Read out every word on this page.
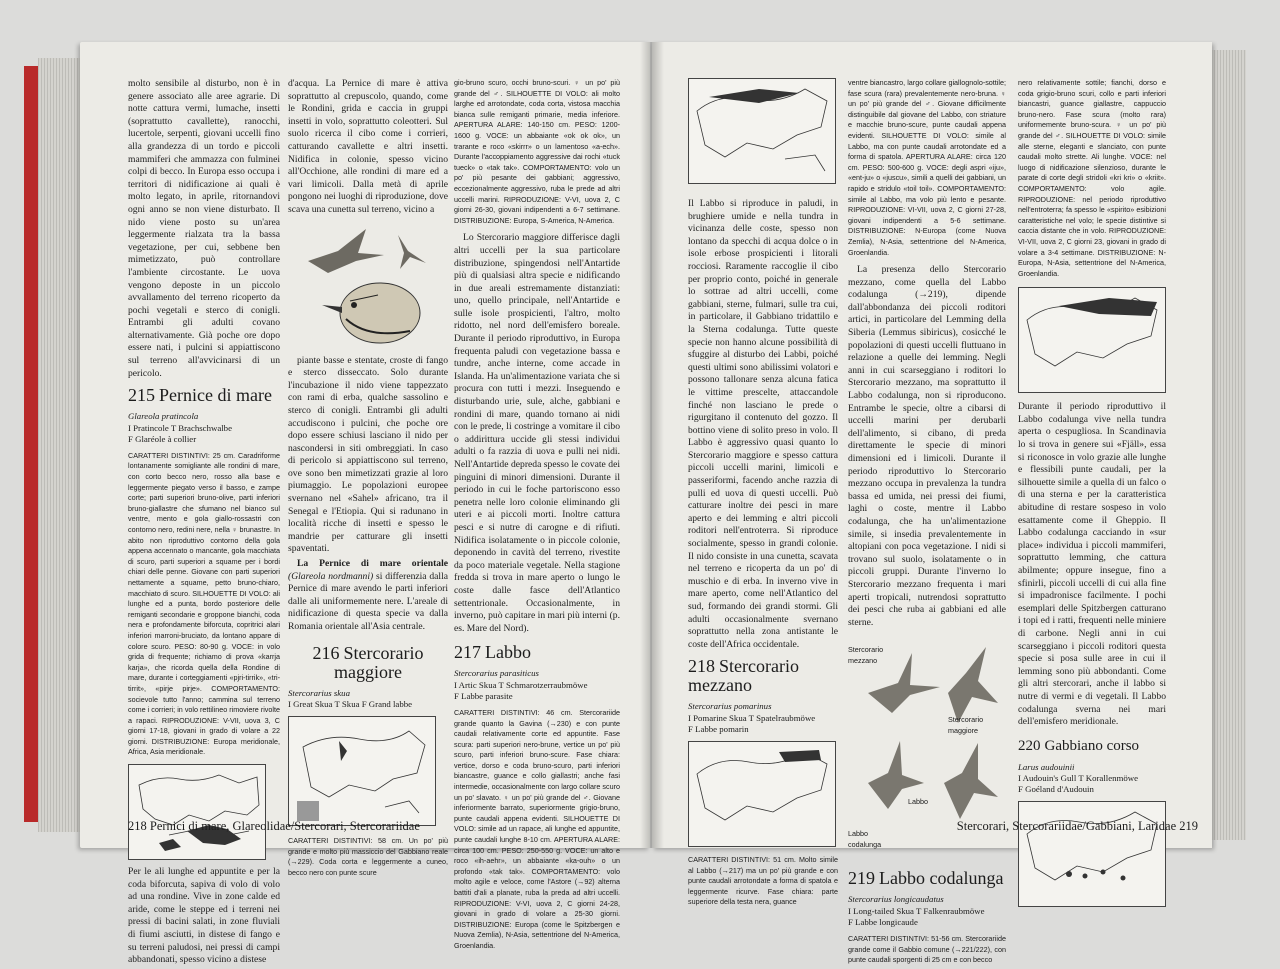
molto sensibile al disturbo, non è in genere associato alle aree agrarie. Di notte cattura vermi, lumache, insetti (soprattutto cavallette), ranocchi, lucertole, serpenti, giovani uccelli fino alla grandezza di un tordo e piccoli mammiferi che ammazza con fulminei colpi di becco. In Europa esso occupa i territori di nidificazione ai quali è molto legato, in aprile, ritornandovi ogni anno se non viene disturbato. Il nido viene posto su un'area leggermente rialzata tra la bassa vegetazione, per cui, sebbene ben mimetizzato, può controllare l'ambiente circostante. Le uova vengono deposte in un piccolo avvallamento del terreno ricoperto da pochi vegetali e sterco di conigli. Entrambi gli adulti covano alternativamente. Già poche ore dopo essere nati, i pulcini si appiattiscono sul terreno all'avvicinarsi di un pericolo.

215 Pernice di mare
Glareola pratincola
I Pratincole T Brachschwalbe
F Glaréole à collier
CARATTERI DISTINTIVI: 25 cm. Caradriforme lontanamente somigliante alle rondini di mare, con corto becco nero, rosso alla base e leggermente piegato verso il basso, e zampe corte; parti superiori bruno-olive, parti inferiori bruno-giallastre che sfumano nel bianco sul ventre, mento e gola giallo-rossastri con contorno nero, redini nere, nella ♀ brunastre. In abito non riproduttivo contorno della gola appena accennato o mancante, gola macchiata di scuro, parti superiori a squame per i bordi chiari delle penne. Giovane con parti superiori nettamente a squame, petto bruno-chiaro, macchiato di scuro. SILHOUETTE DI VOLO: ali lunghe ed a punta, bordo posteriore delle remiganti secondarie e groppone bianchi, coda nera e profondamente biforcuta, copritrici alari inferiori marroni-bruciato, da lontano appare di colore scuro. PESO: 80-90 g. VOCE: in volo grida di frequente; richiamo di prova «karrja karja», che ricorda quella della Rondine di mare, durante i corteggiamenti «pjri-tirrik», «tri-tirrit», «pirje pirje». COMPORTAMENTO: socievole tutto l'anno; cammina sul terreno come i corrieri; in volo rettilineo rimoviere rivolte a rapaci. RIPRODUZIONE: V-VII, uova 3, C giorni 17-18, giovani in grado di volare a 22 giorni. DISTRIBUZIONE: Europa meridionale, Africa, Asia meridionale.

Per le ali lunghe ed appuntite e per la coda biforcuta, sapiva di volo di volo ad una rondine. Vive in zone calde ed aride, come le steppe ed i terreni nei pressi di bacini salati, in zone fluviali di fiumi asciutti, in distese di fango e su terreni paludosi, nei pressi di campi abbandonati, spesso vicino a distese

d'acqua. La Pernice di mare è attiva soprattutto al crepuscolo, quando, come le Rondini, grida e caccia in gruppi insetti in volo, soprattutto coleotteri. Sul suolo ricerca il cibo come i corrieri, catturando cavallette e altri insetti. Nidifica in colonie, spesso vicino all'Occhione, alle rondini di mare ed a vari limicoli. Dalla metà di aprile pongono nei luoghi di riproduzione, dove scava una cunetta sul terreno, vicino a

piante basse e stentate, croste di fango e sterco disseccato. Solo durante l'incubazione il nido viene tappezzato con rami di erba, qualche sassolino e sterco di conigli. Entrambi gli adulti accudiscono i pulcini, che poche ore dopo essere schiusi lasciano il nido per nascondersi in siti ombreggiati. In caso di pericolo si appiattiscono sul terreno, ove sono ben mimetizzati grazie al loro piumaggio. Le popolazioni europee svernano nel «Sahel» africano, tra il Senegal e l'Etiopia. Qui si radunano in località ricche di insetti e spesso le mandrie per catturare gli insetti spaventati.

La Pernice di mare orientale (Glareola nordmanni) si differenzia dalla Pernice di mare avendo le parti inferiori dalle ali uniformemente nere. L'areale di nidificazione di questa specie va dalla Romania orientale all'Asia centrale.

216 Stercorario maggiore
Stercorarius skua
I Great Skua T Skua F Grand labbe
CARATTERI DISTINTIVI: 58 cm. Un po' più grande e molto più massiccio del Gabbiano reale (→229). Coda corta e leggermente a cuneo, becco nero con punte scure
gio-bruno scuro, occhi bruno-scuri. ♀ un po' più grande del ♂. SILHOUETTE DI VOLO: ali molto larghe ed arrotondate, coda corta, vistosa macchia bianca sulle remiganti primarie, media inferiore. APERTURA ALARE: 140-150 cm. PESO: 1200-1600 g. VOCE: un abbaiante «ok ok ok», un trarante e roco «skirrr» o un lamentoso «a-ech». Durante l'accoppiamento aggressive dai rochi «tuck tueck» o «tak tak». COMPORTAMENTO: volo un po' più pesante dei gabbiani; aggressivo, eccezionalmente aggressivo, ruba le prede ad altri uccelli marini. RIPRODUZIONE: V-VI, uova 2, C giorni 26-30, giovani indipendenti a 6-7 settimane. DISTRIBUZIONE: Europa, S-America, N-America.

Lo Stercorario maggiore differisce dagli altri uccelli per la sua particolare distribuzione, spingendosi nell'Antartide più di qualsiasi altra specie e nidificando in due areali estremamente distanziati: uno, quello principale, nell'Antartide e sulle isole prospicienti, l'altro, molto ridotto, nel nord dell'emisfero boreale. Durante il periodo riproduttivo, in Europa frequenta paludi con vegetazione bassa e tundre, anche interne, come accade in Islanda. Ha un'alimentazione variata che si procura con tutti i mezzi. Inseguendo e disturbando urie, sule, alche, gabbiani e rondini di mare, quando tornano ai nidi con le prede, li costringe a vomitare il cibo o addirittura uccide gli stessi individui adulti o fa razzia di uova e pulli nei nidi. Nell'Antartide depreda spesso le covate dei pinguini di minori dimensioni. Durante il periodo in cui le foche partoriscono esso penetra nelle loro colonie eliminando gli uteri e ai piccoli morti. Inoltre cattura pesci e si nutre di carogne e di rifiuti. Nidifica isolatamente o in piccole colonie, deponendo in cavità del terreno, rivestite da poco materiale vegetale. Nella stagione fredda si trova in mare aperto o lungo le coste dalle fasce dell'Atlantico settentrionale. Occasionalmente, in inverno, può capitare in mari più interni (p. es. Mare del Nord).

217 Labbo
Stercorarius parasiticus
I Artic Skua T Schmarotzerraubmöwe
F Labbe parasite
CARATTERI DISTINTIVI: 46 cm. Stercorariide grande quanto la Gavina (→230) e con punte caudali relativamente corte ed appuntite. Fase scura: parti superiori nero-brune, vertice un po' più scuro, parti inferiori bruno-scure. Fase chiara: vertice, dorso e coda bruno-scuro, parti inferiori biancastre, guance e collo giallastri; anche fasi intermedie, occasionalmente con largo collare scuro un po' slavato. ♀ un po' più grande del ♂. Giovane inferiormente barrato, superiormente grigio-bruno, punte caudali appena evidenti. SILHOUETTE DI VOLO: simile ad un rapace, ali lunghe ed appuntite, punte caudali lunghe 8-10 cm. APERTURA ALARE: circa 100 cm. PESO: 250-550 g. VOCE: un alto e roco «ih-aehr», un abbaiante «ka-ouh» o un profondo «tak tak». COMPORTAMENTO: volo molto agile e veloce, come l'Astore (→92) alterna battiti d'ali a planate, ruba la preda ad altri uccelli. RIPRODUZIONE: V-VI, uova 2, C giorni 24-28, giovani in grado di volare a 25-30 giorni. DISTRIBUZIONE: Europa (come le Spitzbergen e Nuova Zemlia), N-Asia, settentrione del N-America, Groenlandia.
218 Pernici di mare, Glareolidae/Stercorari, Stercorariidae

Il Labbo si riproduce in paludi, in brughiere umide e nella tundra in vicinanza delle coste, spesso non lontano da specchi di acqua dolce o in isole erbose prospicienti i litorali rocciosi. Raramente raccoglie il cibo per proprio conto, poiché in generale lo sottrae ad altri uccelli, come gabbiani, sterne, fulmari, sulle tra cui, in particolare, il Gabbiano tridattilo e la Sterna codalunga. Tutte queste specie non hanno alcune possibilità di sfuggire al disturbo dei Labbi, poiché questi ultimi sono abilissimi volatori e possono tallonare senza alcuna fatica le vittime prescelte, attaccandole finché non lasciano le prede o rigurgitano il contenuto del gozzo. Il bottino viene di solito preso in volo. Il Labbo è aggressivo quasi quanto lo Stercorario maggiore e spesso cattura piccoli uccelli marini, limicoli e passeriformi, facendo anche razzia di pulli ed uova di questi uccelli. Può catturare inoltre dei pesci in mare aperto e dei lemming e altri piccoli roditori nell'entroterra. Si riproduce socialmente, spesso in grandi colonie. Il nido consiste in una cunetta, scavata nel terreno e ricoperta da un po' di muschio e di erba. In inverno vive in mare aperto, come nell'Atlantico del sud, formando dei grandi stormi. Gli adulti occasionalmente svernano soprattutto nella zona antistante le coste dell'Africa occidentale.

218 Stercorario mezzano
Stercorarius pomarinus
I Pomarine Skua T Spatelraubmöwe
F Labbe pomarin
CARATTERI DISTINTIVI: 51 cm. Molto simile al Labbo (→217) ma un po' più grande e con punte caudali arrotondate a forma di spatola e leggermente ricurve. Fase chiara: parte superiore della testa nera, guance
ventre biancastro, largo collare giallognolo-sottile; fase scura (rara) prevalentemente nero-bruna. ♀ un po' più grande del ♂. Giovane difficilmente distinguibile dal giovane del Labbo, con striature e macchie bruno-scure, punte caudali appena evidenti. SILHOUETTE DI VOLO: simile al Labbo, ma con punte caudali arrotondate ed a forma di spatola. APERTURA ALARE: circa 120 cm. PESO: 500-600 g. VOCE: degli aspri «iju», «ent-ju» o «juscu», simili a quelli dei gabbiani, un rapido e stridulo «toil toil». COMPORTAMENTO: simile al Labbo, ma volo più lento e pesante. RIPRODUZIONE: VI-VII, uova 2, C giorni 27-28, giovani indipendenti a 5-6 settimane. DISTRIBUZIONE: N-Europa (come Nuova Zemlia), N-Asia, settentrione del N-America, Groenlandia.

La presenza dello Stercorario mezzano, come quella del Labbo codalunga (→219), dipende dall'abbondanza dei piccoli roditori artici, in particolare del Lemming della Siberia (Lemmus sibiricus), cosicché le popolazioni di questi uccelli fluttuano in relazione a quelle dei lemming. Negli anni in cui scarseggiano i roditori lo Stercorario mezzano, ma soprattutto il Labbo codalunga, non si riproducono. Entrambe le specie, oltre a cibarsi di uccelli marini per derubarli dell'alimento, si cibano, di preda direttamente le specie di minori dimensioni ed i limicoli. Durante il periodo riproduttivo lo Stercorario mezzano occupa in prevalenza la tundra bassa ed umida, nei pressi dei fiumi, laghi o coste, mentre il Labbo codalunga, che ha un'alimentazione simile, si insedia prevalentemente in altopiani con poca vegetazione. I nidi si trovano sul suolo, isolatamente o in piccoli gruppi. Durante l'inverno lo Stercorario mezzano frequenta i mari aperti tropicali, nutrendosi soprattutto dei pesci che ruba ai gabbiani ed alle sterne.

Stercorario mezzano
Stercorario maggiore
Labbo
Labbo codalunga
219 Labbo codalunga
Stercorarius longicaudatus
I Long-tailed Skua T Falkenraubmöwe
F Labbe longicaude
CARATTERI DISTINTIVI: 51-56 cm. Stercorariide grande come il Gabbio comune (→221/222), con punte caudali sporgenti di 25 cm e con becco
nero relativamente sottile; fianchi, dorso e coda grigio-bruno scuri, collo e parti inferiori biancastri, guance giallastre, cappuccio bruno-nero. Fase scura (molto rara) uniformemente bruno-scura. ♀ un po' più grande del ♂. SILHOUETTE DI VOLO: simile alle sterne, eleganti e slanciato, con punte caudali molto strette. Ali lunghe. VOCE: nel luogo di nidificazione silenzioso, durante le parate di corte degli stridoli «kri kri» o «kriit». COMPORTAMENTO: volo agile. RIPRODUZIONE: nel periodo riproduttivo nell'entroterra; fa spesso le «spirito» esibizioni caratteristiche nel volo; le specie distintive si caccia distante che in volo. RIPRODUZIONE: VI-VII, uova 2, C giorni 23, giovani in grado di volare a 3-4 settimane. DISTRIBUZIONE: N-Europa, N-Asia, settentrione del N-America, Groenlandia.

Durante il periodo riproduttivo il Labbo codalunga vive nella tundra aperta o cespugliosa. In Scandinavia lo si trova in genere sui «Fjäll», essa si riconosce in volo grazie alle lunghe e flessibili punte caudali, per la silhouette simile a quella di un falco o di una sterna e per la caratteristica abitudine di restare sospeso in volo esattamente come il Gheppio. Il Labbo codalunga cacciando in «sur place» individua i piccoli mammiferi, soprattutto lemming, che cattura abilmente; oppure insegue, fino a sfinirli, piccoli uccelli di cui alla fine si impadronisce facilmente. I pochi esemplari delle Spitzbergen catturano i topi ed i ratti, frequenti nelle miniere di carbone. Negli anni in cui scarseggiano i piccoli roditori questa specie si posa sulle aree in cui il lemming sono più abbondanti. Come gli altri stercorari, anche il labbo si nutre di vermi e di vegetali. Il Labbo codalunga sverna nei mari dell'emisfero meridionale.

220 Gabbiano corso
Larus audouinii
I Audouin's Gull T Korallenmöwe
F Goéland d'Audouin
Stercorari, Stercorariidae/Gabbiani, Laridae 219
